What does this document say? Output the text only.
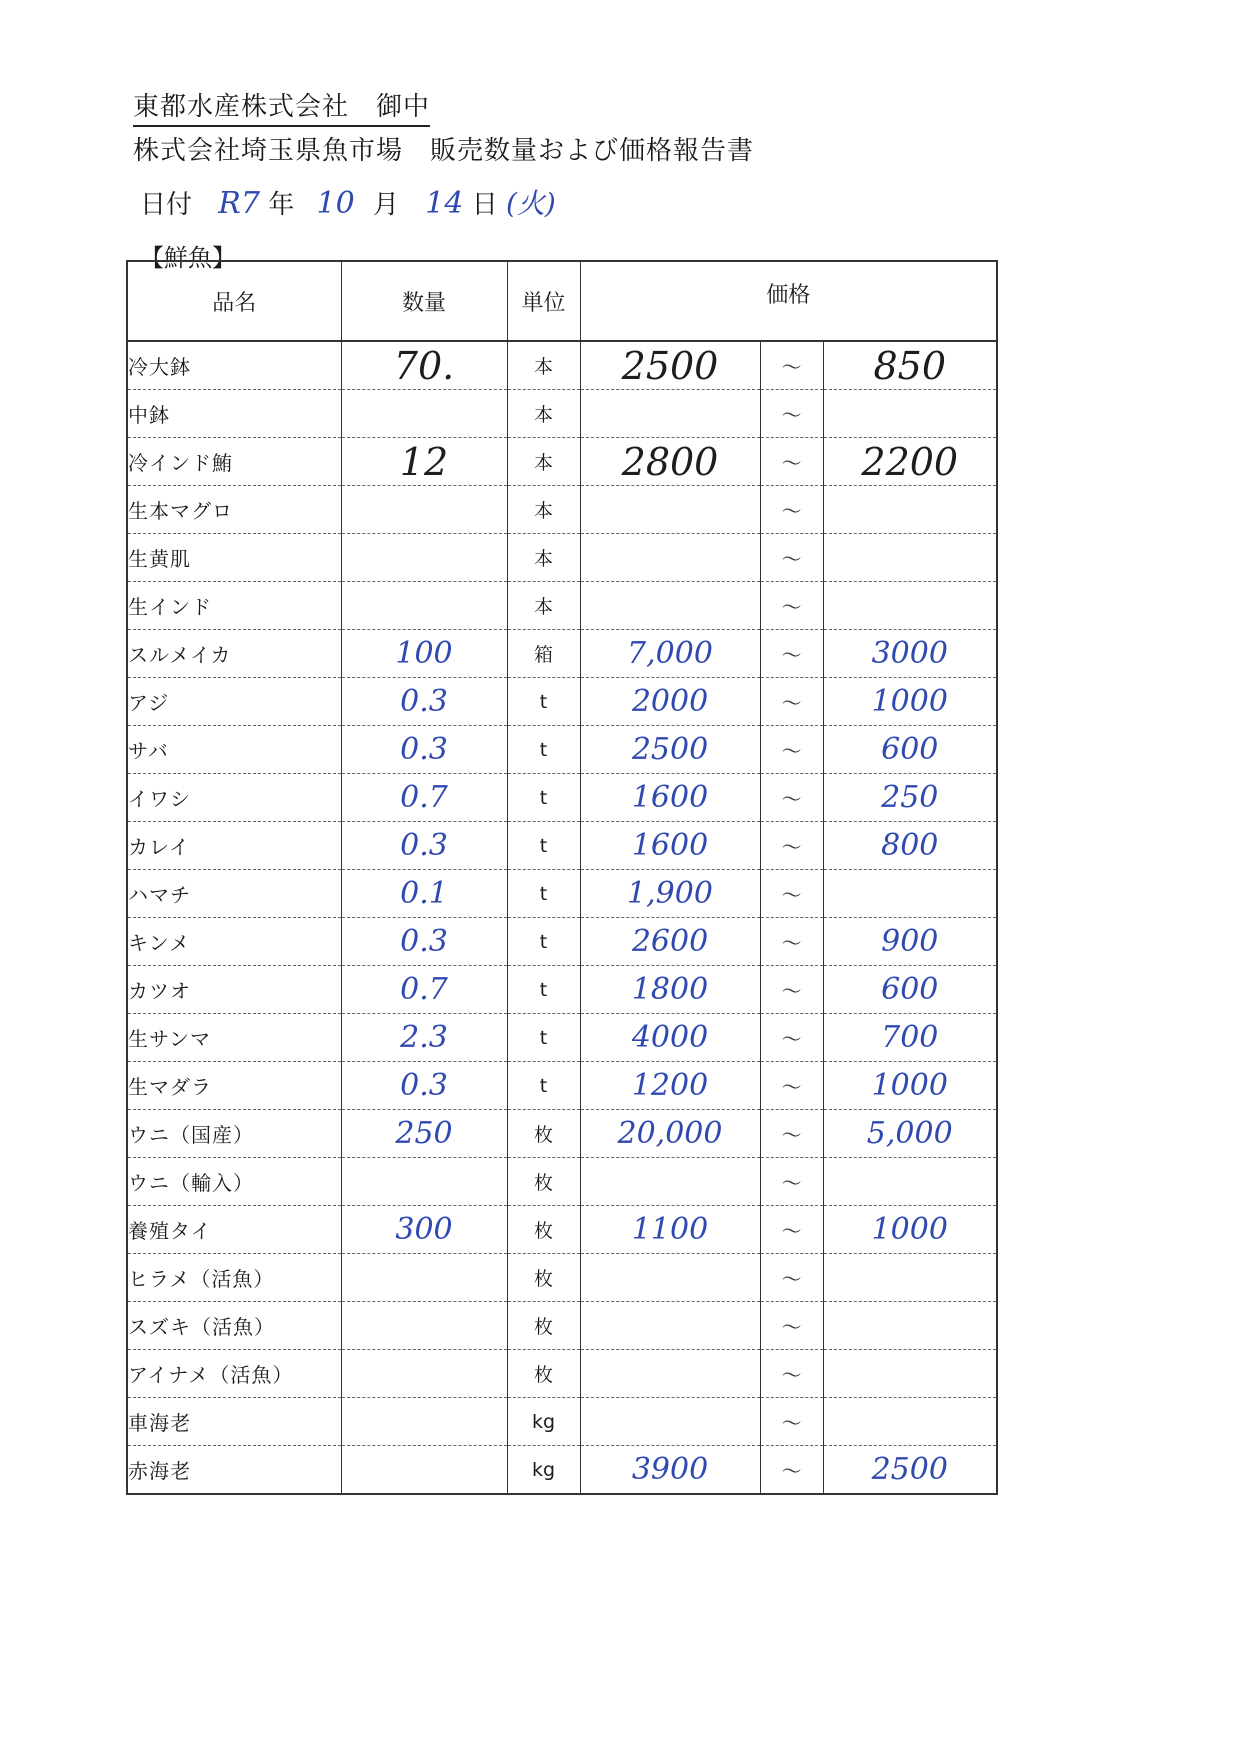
東都水産株式会社　御中
株式会社埼玉県魚市場　販売数量および価格報告書
日付 R7 年 10 月 14 日 (火)
【鮮魚】
品名	数量	単位	価格		
冷大鉢	70.	本	2500	～	850
中鉢		本		～	
冷インド鮪	12	本	2800	～	2200
生本マグロ		本		～	
生黄肌		本		～	
生インド		本		～	
スルメイカ	100	箱	7,000	～	3000
アジ	0.3	t	2000	～	1000
サバ	0.3	t	2500	～	600
イワシ	0.7	t	1600	～	250
カレイ	0.3	t	1600	～	800
ハマチ	0.1	t	1,900	～	
キンメ	0.3	t	2600	～	900
カツオ	0.7	t	1800	～	600
生サンマ	2.3	t	4000	～	700
生マダラ	0.3	t	1200	～	1000
ウニ（国産）	250	枚	20,000	～	5,000
ウニ（輸入）		枚		～	
養殖タイ	300	枚	1100	～	1000
ヒラメ（活魚）		枚		～	
スズキ（活魚）		枚		～	
アイナメ（活魚）		枚		～	
車海老		kg		～	
赤海老		kg	3900	～	2500
